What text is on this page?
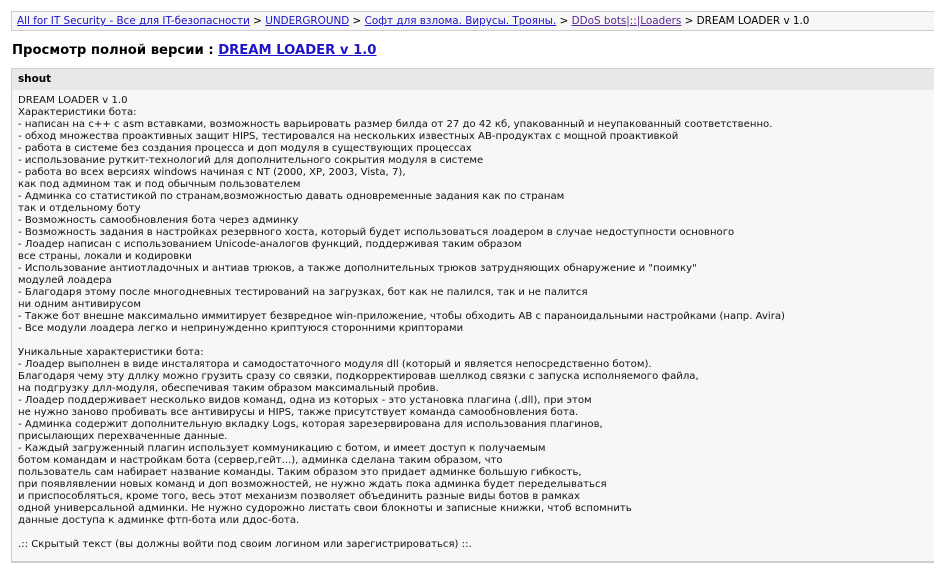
All for IT Security - Все для IT-безопасности > UNDERGROUND > Софт для взлома. Вирусы. Трояны. > DDoS bots|::|Loaders > DREAM LOADER v 1.0
Просмотр полной версии : DREAM LOADER v 1.0
shout
DREAM LOADER v 1.0
Характеристики бота:
- написан на c++ с asm вставками, возможность варьировать размер билда от 27 до 42 кб, упакованный и неупакованный соответственно.
- обход множества проактивных защит HIPS, тестировался на нескольких известных АВ-продуктах с мощной проактивкой
- работа в системе без создания процесса и доп модуля в существующих процессах
- использование руткит-технологий для дополнительного сокрытия модуля в системе
- работа во всех версиях windows начиная с NT (2000, XP, 2003, Vista, 7),
как под админом так и под обычным пользователем
- Админка со статистикой по странам,возможностью давать одновременные задания как по странам
так и отдельному боту
- Возможность самообновления бота через админку
- Возможность задания в настройках резервного хоста, который будет использоваться лоадером в случае недоступности основного
- Лоадер написан с использованием Unicode-аналогов функций, поддерживая таким образом
все страны, локали и кодировки
- Использование антиотладочных и антиав трюков, а также дополнительных трюков затрудняющих обнаружение и "поимку"
модулей лоадера
- Благодаря этому после многодневных тестирований на загрузках, бот как не палился, так и не палится
ни одним антивирусом
- Также бот внешне максимально иммитирует безвредное win-приложение, чтобы обходить АВ с параноидальными настройками (напр. Avira)
- Все модули лоадера легко и непринужденно криптуюся сторонними крипторами
Уникальные характеристики бота:
- Лоадер выполнен в виде инсталятора и самодостаточного модуля dll (который и является непосредственно ботом).
Благодаря чему эту дллку можно грузить сразу со связки, подкорректировав шеллкод связки с запуска исполняемого файла,
на подгрузку длл-модуля, обеспечивая таким образом максимальный пробив.
- Лоадер поддерживает несколько видов команд, одна из которых - это установка плагина (.dll), при этом
не нужно заново пробивать все антивирусы и HIPS, также присутствует команда самообновления бота.
- Админка содержит дополнительную вкладку Logs, которая зарезервирована для использования плагинов,
присылающих перехваченные данные.
- Каждый загруженный плагин использует коммуникацию с ботом, и имеет доступ к получаемым
ботом командам и настройкам бота (сервер,гейт...), админка сделана таким образом, что
пользователь сам набирает название команды. Таким образом это придает админке большую гибкость,
при появлявлении новых команд и доп возможностей, не нужно ждать пока админка будет переделываться
и приспособляться, кроме того, весь этот механизм позволяет объединить разные виды ботов в рамках
одной универсальной админки. Не нужно судорожно листать свои блокноты и записные книжки, чтоб вспомнить
данные доступа к админке фтп-бота или ддос-бота.
.:: Скрытый текст (вы должны войти под своим логином или зарегистрироваться) ::.
